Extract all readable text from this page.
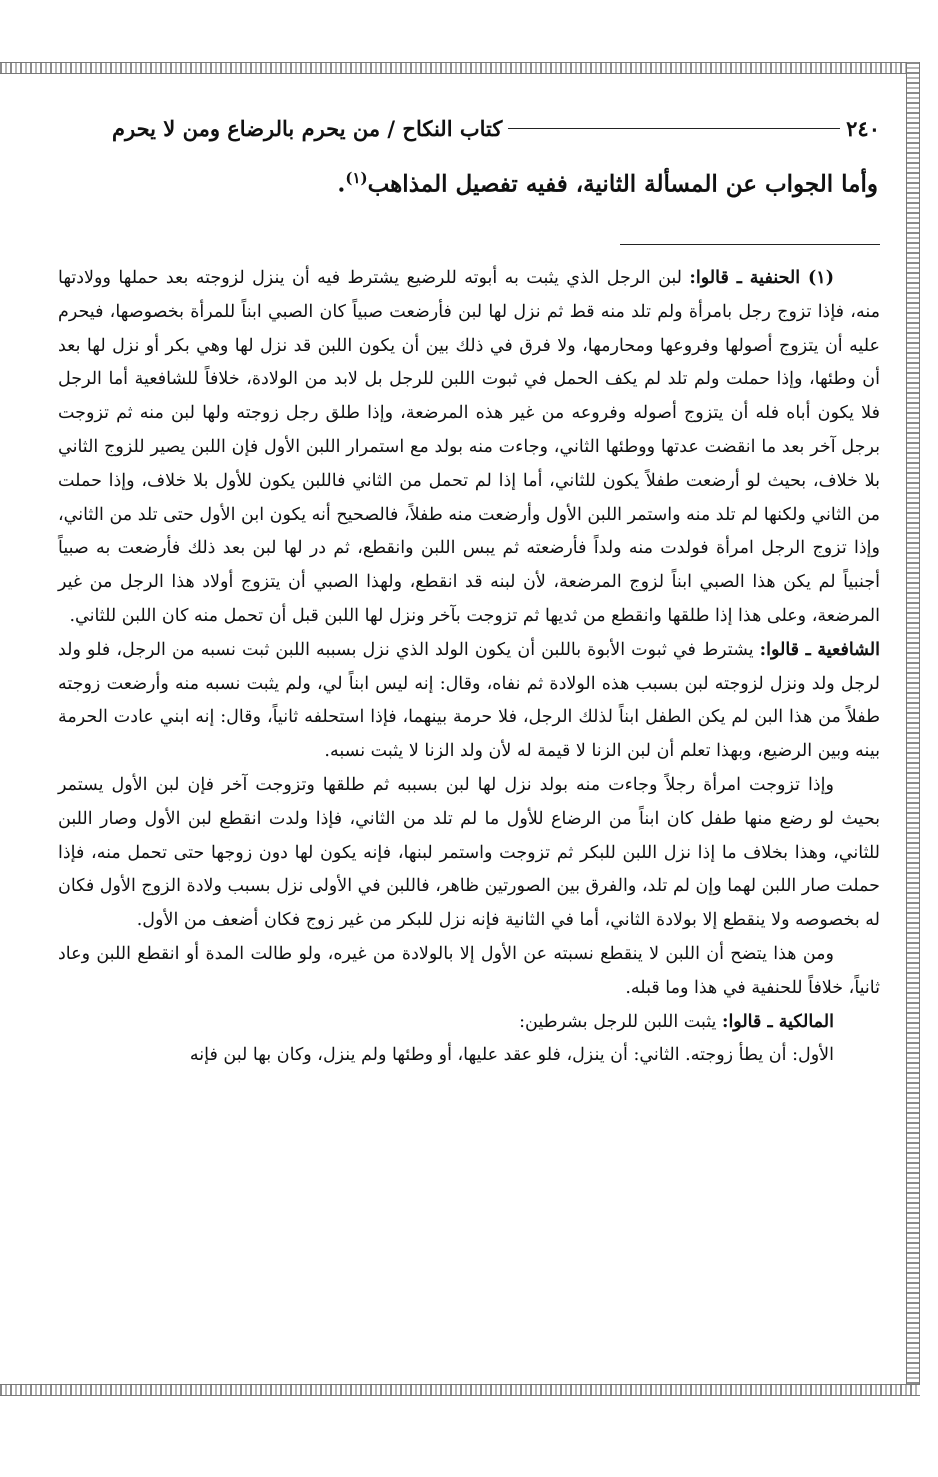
٢٤٠
كتاب النكاح / من يحرم بالرضاع ومن لا يحرم
وأما الجواب عن المسألة الثانية، ففيه تفصيل المذاهب$^{(١)}$.

(١) الحنفية ـ قالوا: لبن الرجل الذي يثبت به أبوته للرضيع يشترط فيه أن ينزل لزوجته بعد حملها وولادتها منه، فإذا تزوج رجل بامرأة ولم تلد منه قط ثم نزل لها لبن فأرضعت صبياً كان الصبي ابناً للمرأة بخصوصها، فيحرم عليه أن يتزوج أصولها وفروعها ومحارمها، ولا فرق في ذلك بين أن يكون اللبن قد نزل لها وهي بكر أو نزل لها بعد أن وطئها، وإذا حملت ولم تلد لم يكف الحمل في ثبوت اللبن للرجل بل لابد من الولادة، خلافاً للشافعية أما الرجل فلا يكون أباه فله أن يتزوج أصوله وفروعه من غير هذه المرضعة، وإذا طلق رجل زوجته ولها لبن منه ثم تزوجت برجل آخر بعد ما انقضت عدتها ووطئها الثاني، وجاءت منه بولد مع استمرار اللبن الأول فإن اللبن يصير للزوج الثاني بلا خلاف، بحيث لو أرضعت طفلاً يكون للثاني، أما إذا لم تحمل من الثاني فاللبن يكون للأول بلا خلاف، وإذا حملت من الثاني ولكنها لم تلد منه واستمر اللبن الأول وأرضعت منه طفلاً، فالصحيح أنه يكون ابن الأول حتى تلد من الثاني، وإذا تزوج الرجل امرأة فولدت منه ولداً فأرضعته ثم يبس اللبن وانقطع، ثم در لها لبن بعد ذلك فأرضعت به صبياً أجنبياً لم يكن هذا الصبي ابناً لزوج المرضعة، لأن لبنه قد انقطع، ولهذا الصبي أن يتزوج أولاد هذا الرجل من غير المرضعة، وعلى هذا إذا طلقها وانقطع من ثديها ثم تزوجت بآخر ونزل لها اللبن قبل أن تحمل منه كان اللبن للثاني.

الشافعية ـ قالوا: يشترط في ثبوت الأبوة باللبن أن يكون الولد الذي نزل بسببه اللبن ثبت نسبه من الرجل، فلو ولد لرجل ولد ونزل لزوجته لبن بسبب هذه الولادة ثم نفاه، وقال: إنه ليس ابناً لي، ولم يثبت نسبه منه وأرضعت زوجته طفلاً من هذا البن لم يكن الطفل ابناً لذلك الرجل، فلا حرمة بينهما، فإذا استحلفه ثانياً، وقال: إنه ابني عادت الحرمة بينه وبين الرضيع، وبهذا تعلم أن لبن الزنا لا قيمة له لأن ولد الزنا لا يثبت نسبه.

وإذا تزوجت امرأة رجلاً وجاءت منه بولد نزل لها لبن بسببه ثم طلقها وتزوجت آخر فإن لبن الأول يستمر بحيث لو رضع منها طفل كان ابناً من الرضاع للأول ما لم تلد من الثاني، فإذا ولدت انقطع لبن الأول وصار اللبن للثاني، وهذا بخلاف ما إذا نزل اللبن للبكر ثم تزوجت واستمر لبنها، فإنه يكون لها دون زوجها حتى تحمل منه، فإذا حملت صار اللبن لهما وإن لم تلد، والفرق بين الصورتين ظاهر، فاللبن في الأولى نزل بسبب ولادة الزوج الأول فكان له بخصوصه ولا ينقطع إلا بولادة الثاني، أما في الثانية فإنه نزل للبكر من غير زوج فكان أضعف من الأول.

ومن هذا يتضح أن اللبن لا ينقطع نسبته عن الأول إلا بالولادة من غيره، ولو طالت المدة أو انقطع اللبن وعاد ثانياً، خلافاً للحنفية في هذا وما قبله.

المالكية ـ قالوا: يثبت اللبن للرجل بشرطين:

الأول: أن يطأ زوجته. الثاني: أن ينزل، فلو عقد عليها، أو وطئها ولم ينزل، وكان بها لبن فإنه
